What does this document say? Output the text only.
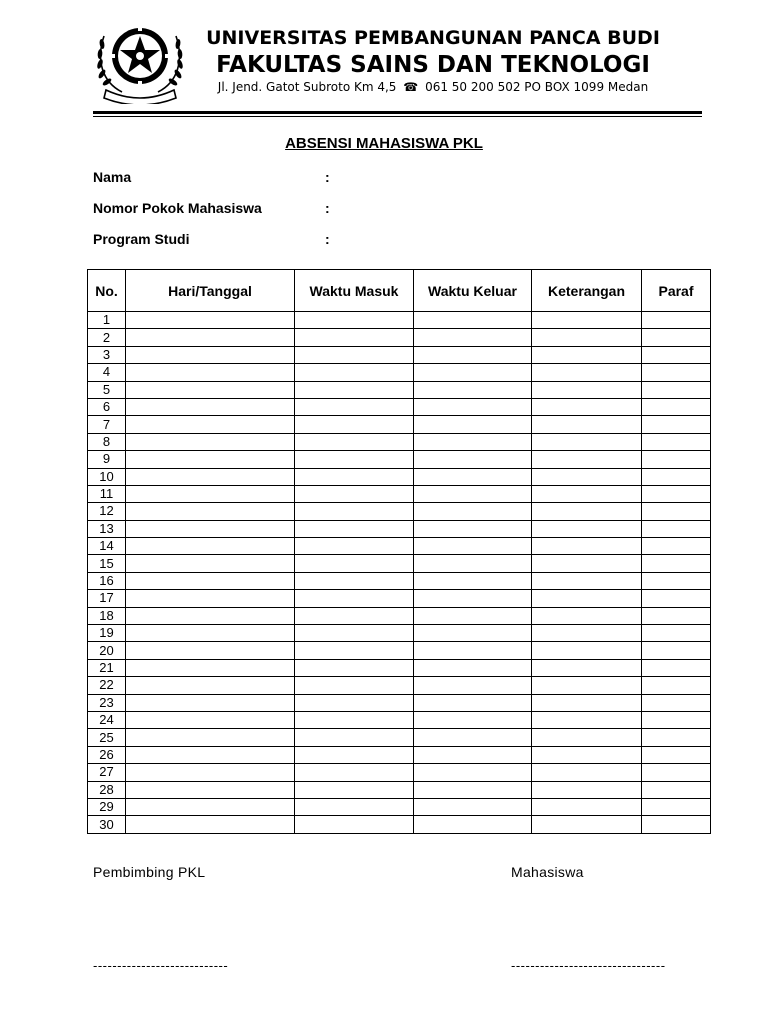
UNIVERSITAS PEMBANGUNAN PANCA BUDI
FAKULTAS SAINS DAN TEKNOLOGI
Jl. Jend. Gatot Subroto Km 4,5 ☎ 061 50 200 502 PO BOX 1099 Medan
ABSENSI MAHASISWA PKL
Nama	:
Nomor Pokok Mahasiswa	:
Program Studi	:
No.	Hari/Tanggal	Waktu Masuk	Waktu Keluar	Keterangan	Paraf
1					
2					
3					
4					
5					
6					
7					
8					
9					
10					
11					
12					
13					
14					
15					
16					
17					
18					
19					
20					
21					
22					
23					
24					
25					
26					
27					
28					
29					
30					
Pembimbing PKL	Mahasiswa
----------------------------	--------------------------------
